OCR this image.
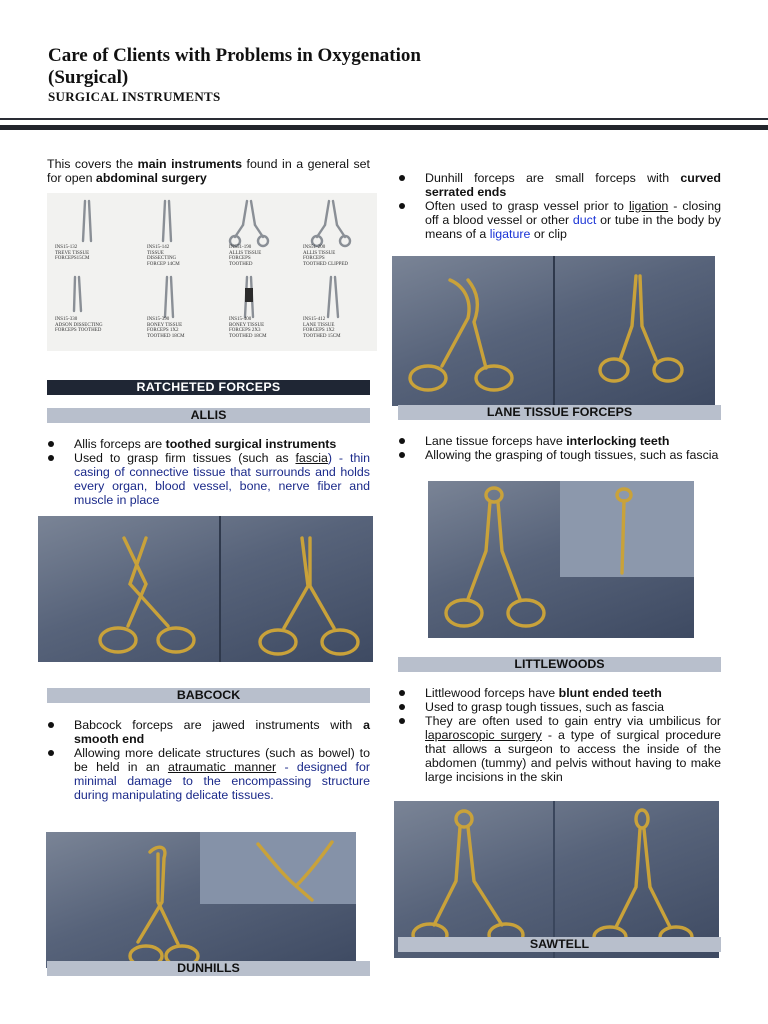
Care of Clients with Problems in Oxygenation
(Surgical)
SURGICAL INSTRUMENTS
This covers the main instruments found in a general set for open abdominal surgery
INS15-132
TREVE TISSUE
FORCEPS15CM
INS15-142
TISSUE
DISSECTING
FORCEP 14CM
INS51-190
ALLIS TISSUE
FORCEPS
TOOTHED
INS51-200
ALLIS TISSUE
FORCEPS
TOOTHED CLIPPED
INS15-330
ADSON DISSECTING
FORCEPS TOOTHED
INS15-390
BONEY TISSUE
FORCEPS 1X2
TOOTHED 18CM
INS15-400
BONEY TISSUE
FORCEPS 2X3
TOOTHED 18CM
INS15-412
LANE TISSUE
FORCEPS 1X2
TOOTHED 15CM
RATCHETED FORCEPS
ALLIS
Allis forceps are toothed surgical instruments
Used to grasp firm tissues (such as fascia) - thin casing of connective tissue that surrounds and holds every organ, blood vessel, bone, nerve fiber and muscle in place
BABCOCK
Babcock forceps are jawed instruments with a smooth end
Allowing more delicate structures (such as bowel) to be held in an atraumatic manner - designed for minimal damage to the encompassing structure during manipulating delicate tissues.
DUNHILLS
Dunhill forceps are small forceps with curved serrated ends
Often used to grasp vessel prior to ligation - closing off a blood vessel or other duct or tube in the body by means of a ligature or clip
LANE TISSUE FORCEPS
Lane tissue forceps have interlocking teeth
Allowing the grasping of tough tissues, such as fascia
LITTLEWOODS
Littlewood forceps have blunt ended teeth
Used to grasp tough tissues, such as fascia
They are often used to gain entry via umbilicus for laparoscopic surgery - a type of surgical procedure that allows a surgeon to access the inside of the abdomen (tummy) and pelvis without having to make large incisions in the skin
SAWTELL
